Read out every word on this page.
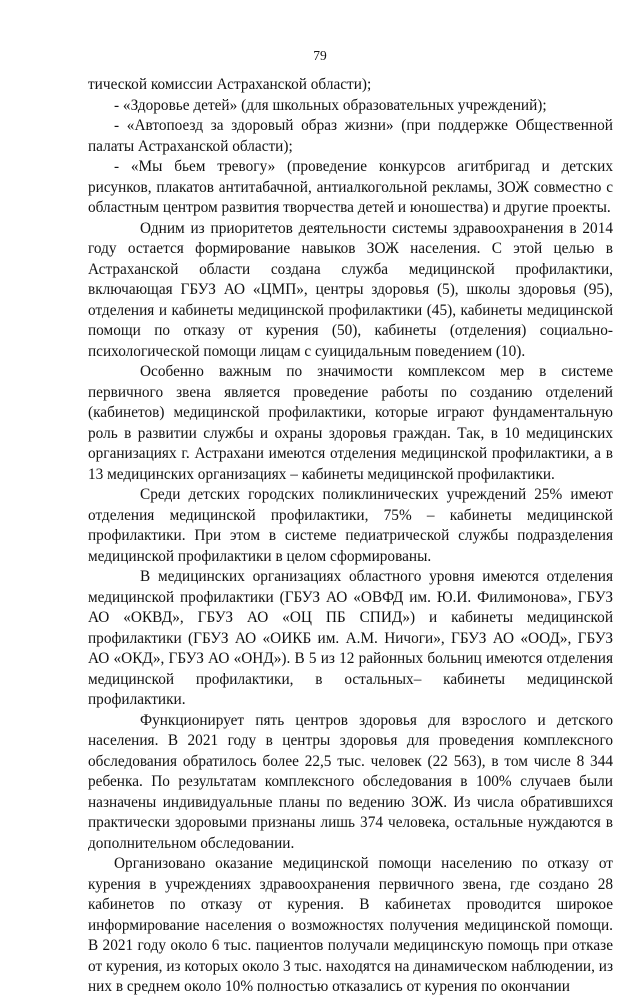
79

тической комиссии Астраханской области);

- «Здоровье детей» (для школьных образовательных учреждений);

- «Автопоезд за здоровый образ жизни» (при поддержке Общественной палаты Астраханской области);

- «Мы бьем тревогу» (проведение конкурсов агитбригад и детских рисунков, плакатов антитабачной, антиалкогольной рекламы, ЗОЖ совместно с областным центром развития творчества детей и юношества) и другие проекты.

Одним из приоритетов деятельности системы здравоохранения в 2014 году остается формирование навыков ЗОЖ населения. С этой целью в Астраханской области создана служба медицинской профилактики, включающая ГБУЗ АО «ЦМП», центры здоровья (5), школы здоровья (95), отделения и кабинеты медицинской профилактики (45), кабинеты медицинской помощи по отказу от курения (50), кабинеты (отделения) социально-психологической помощи лицам с суицидальным поведением (10).

Особенно важным по значимости комплексом мер в системе первичного звена является проведение работы по созданию отделений (кабинетов) медицинской профилактики, которые играют фундаментальную роль в развитии службы и охраны здоровья граждан. Так, в 10 медицинских организациях г. Астрахани имеются отделения медицинской профилактики, а в 13 медицинских организациях – кабинеты медицинской профилактики.

Среди детских городских поликлинических учреждений 25% имеют отделения медицинской профилактики, 75% – кабинеты медицинской профилактики. При этом в системе педиатрической службы подразделения медицинской профилактики в целом сформированы.

В медицинских организациях областного уровня имеются отделения медицинской профилактики (ГБУЗ АО «ОВФД им. Ю.И. Филимонова», ГБУЗ АО «ОКВД», ГБУЗ АО «ОЦ ПБ СПИД») и кабинеты медицинской профилактики (ГБУЗ АО «ОИКБ им. А.М. Ничоги», ГБУЗ АО «ООД», ГБУЗ АО «ОКД», ГБУЗ АО «ОНД»). В 5 из 12 районных больниц имеются отделения медицинской профилактики, в остальных– кабинеты медицинской профилактики.

Функционирует пять центров здоровья для взрослого и детского населения. В 2021 году в центры здоровья для проведения комплексного обследования обратилось более 22,5 тыс. человек (22 563), в том числе 8 344 ребенка. По результатам комплексного обследования в 100% случаев были назначены индивидуальные планы по ведению ЗОЖ. Из числа обратившихся практически здоровыми признаны лишь 374 человека, остальные нуждаются в дополнительном обследовании.

Организовано оказание медицинской помощи населению по отказу от курения в учреждениях здравоохранения первичного звена, где создано 28 кабинетов по отказу от курения. В кабинетах проводится широкое информирование населения о возможностях получения медицинской помощи. В 2021 году около 6 тыс. пациентов получали медицинскую помощь при отказе от курения, из которых около 3 тыс. находятся на динамическом наблюдении, из них в среднем около 10% полностью отказались от курения по окончании
